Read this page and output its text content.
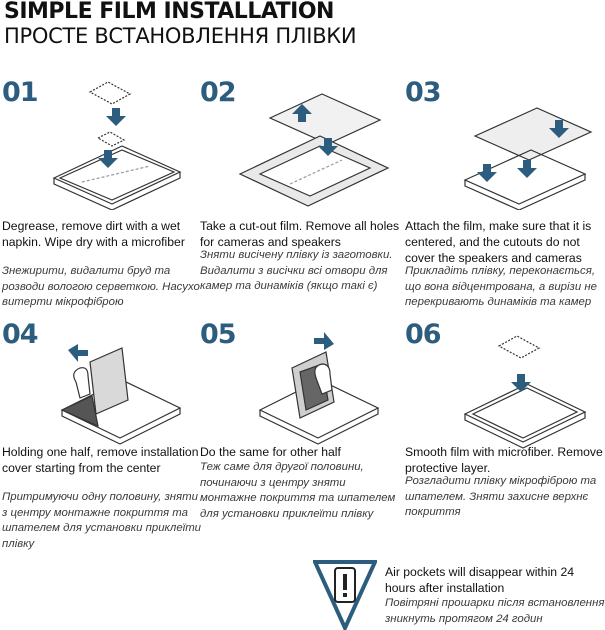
SIMPLE FILM INSTALLATION
ПРОСТЕ ВСТАНОВЛЕННЯ ПЛІВКИ
01
Degrease, remove dirt with a wet napkin. Wipe dry with a microfiber
Знежирити, видалити бруд та розводи вологою серветкою. Насухо витерти мікрофіброю
02
Take a cut-out film. Remove all holes for cameras and speakers
Зняти висічену плівку із заготовки. Видалити з висічки всі отвори для камер та динаміків (якщо такі є)
03
Attach the film, make sure that it is centered, and the cutouts do not cover the speakers and cameras
Прикладіть плівку, переконається, що вона відцентрована, а вирізи не перекривають динаміків та камер
04
Holding one half, remove installation cover starting from the center
Притримуючи одну половину, зняти з центру монтажне покриття та шпателем для установки приклеїти плівку
05
Do the same for other half
Теж саме для другої половини, починаючи з центру зняти монтажне покриття та шпателем для установки приклеїти плівку
06
Smooth film with microfiber. Remove protective layer.
Розгладити плівку мікрофіброю та шпателем. Зняти захисне верхнє покриття
Air pockets will disappear within 24 hours after installation
Повітряні прошарки після встановлення зникнуть протягом 24 годин
